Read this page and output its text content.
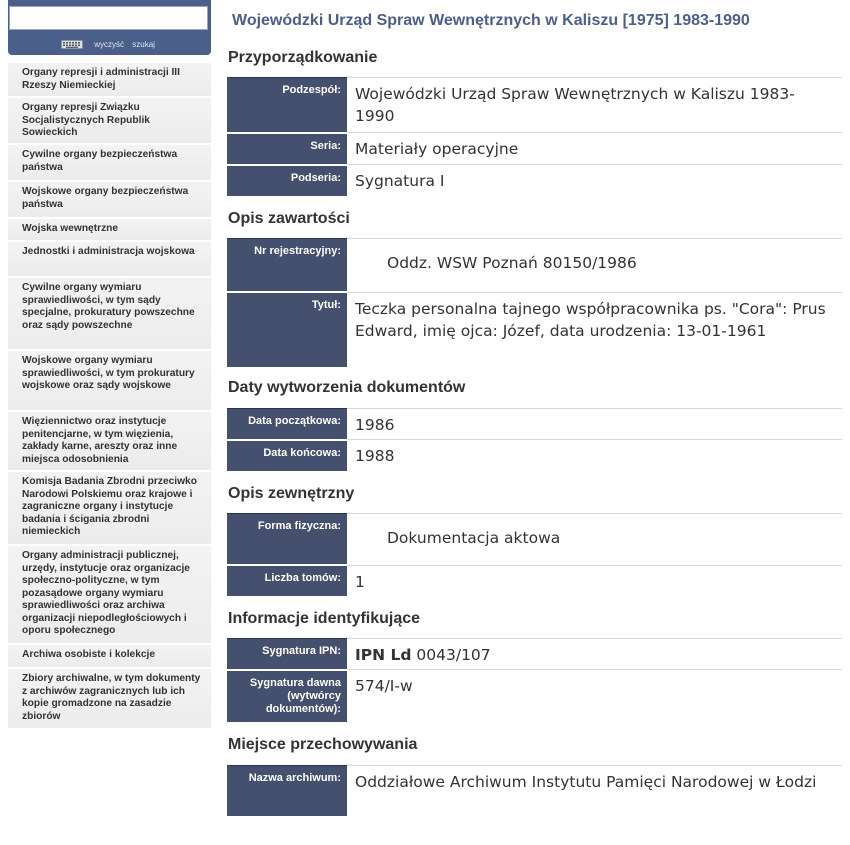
wyczyść szukaj
Organy represji i administracji III Rzeszy Niemieckiej
Organy represji Związku Socjalistycznych Republik Sowieckich
Cywilne organy bezpieczeństwa państwa
Wojskowe organy bezpieczeństwa państwa
Wojska wewnętrzne
Jednostki i administracja wojskowa
Cywilne organy wymiaru sprawiedliwości, w tym sądy specjalne, prokuratury powszechne oraz sądy powszechne
Wojskowe organy wymiaru sprawiedliwości, w tym prokuratury wojskowe oraz sądy wojskowe
Więziennictwo oraz instytucje penitencjarne, w tym więzienia, zakłady karne, areszty oraz inne miejsca odosobnienia
Komisja Badania Zbrodni przeciwko Narodowi Polskiemu oraz krajowe i zagraniczne organy i instytucje badania i ścigania zbrodni niemieckich
Organy administracji publicznej, urzędy, instytucje oraz organizacje społeczno-polityczne, w tym pozasądowe organy wymiaru sprawiedliwości oraz archiwa organizacji niepodległościowych i oporu społecznego
Archiwa osobiste i kolekcje
Zbiory archiwalne, w tym dokumenty z archiwów zagranicznych lub ich kopie gromadzone na zasadzie zbiorów
Wojewódzki Urząd Spraw Wewnętrznych w Kaliszu [1975] 1983-1990
Przyporządkowanie
Podzespół:	Wojewódzki Urząd Spraw Wewnętrznych w Kaliszu 1983-1990
Seria:	Materiały operacyjne
Podseria:	Sygnatura I
Opis zawartości
Nr rejestracyjny:	Oddz. WSW Poznań 80150/1986
Tytuł:	Teczka personalna tajnego współpracownika ps. "Cora": Prus Edward, imię ojca: Józef, data urodzenia: 13-01-1961
Daty wytworzenia dokumentów
Data początkowa:	1986
Data końcowa:	1988
Opis zewnętrzny
Forma fizyczna:	Dokumentacja aktowa
Liczba tomów:	1
Informacje identyfikujące
Sygnatura IPN:	IPN Ld 0043/107
Sygnatura dawna (wytwórcy dokumentów):	574/I-w
Miejsce przechowywania
Nazwa archiwum:	Oddziałowe Archiwum Instytutu Pamięci Narodowej w Łodzi
